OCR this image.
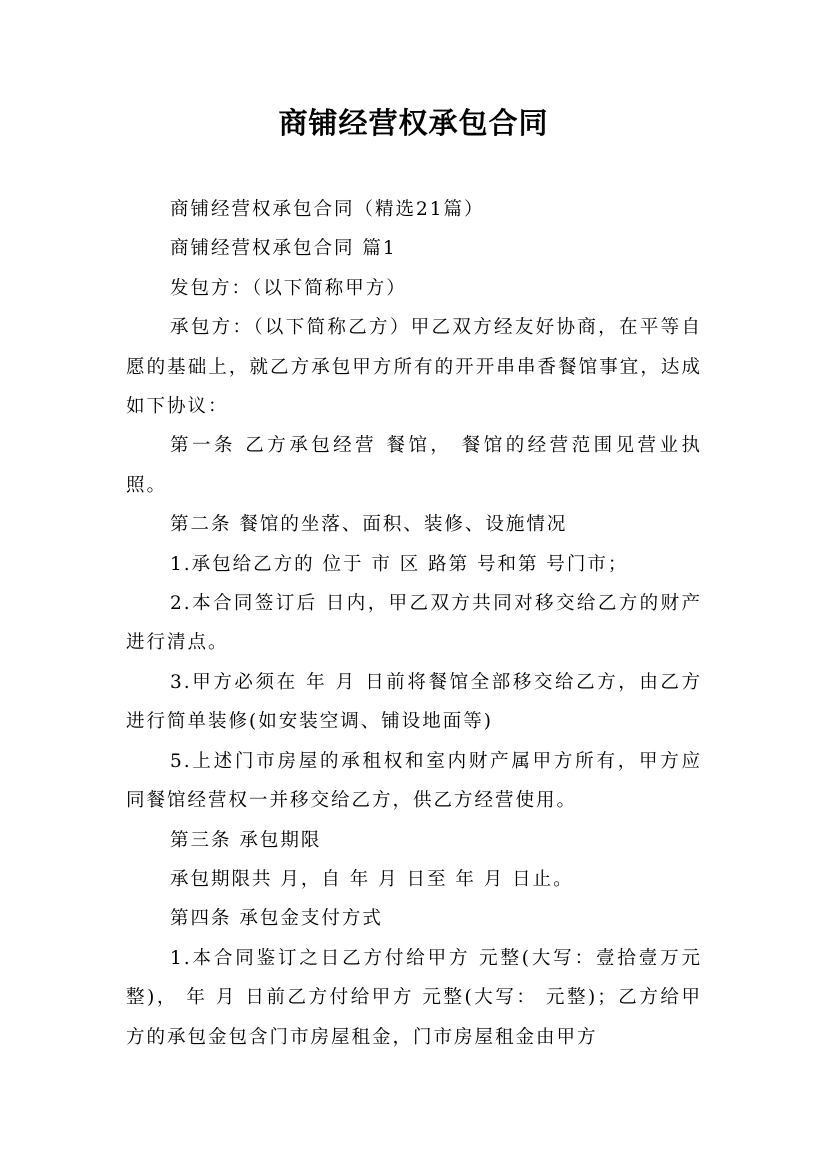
商铺经营权承包合同

商铺经营权承包合同（精选21篇）

商铺经营权承包合同 篇1

发包方：（以下简称甲方）

承包方：（以下简称乙方）甲乙双方经友好协商，在平等自愿的基础上，就乙方承包甲方所有的开开串串香餐馆事宜，达成如下协议：

第一条 乙方承包经营 餐馆， 餐馆的经营范围见营业执照。

第二条 餐馆的坐落、面积、装修、设施情况

1.承包给乙方的 位于 市 区 路第 号和第 号门市；

2.本合同签订后 日内，甲乙双方共同对移交给乙方的财产进行清点。

3.甲方必须在 年 月 日前将餐馆全部移交给乙方，由乙方进行简单装修(如安装空调、铺设地面等)

5.上述门市房屋的承租权和室内财产属甲方所有，甲方应同餐馆经营权一并移交给乙方，供乙方经营使用。

第三条 承包期限

承包期限共 月，自 年 月 日至 年 月 日止。

第四条 承包金支付方式

1.本合同鉴订之日乙方付给甲方 元整(大写：壹拾壹万元整)， 年 月 日前乙方付给甲方 元整(大写： 元整)；乙方给甲方的承包金包含门市房屋租金，门市房屋租金由甲方
